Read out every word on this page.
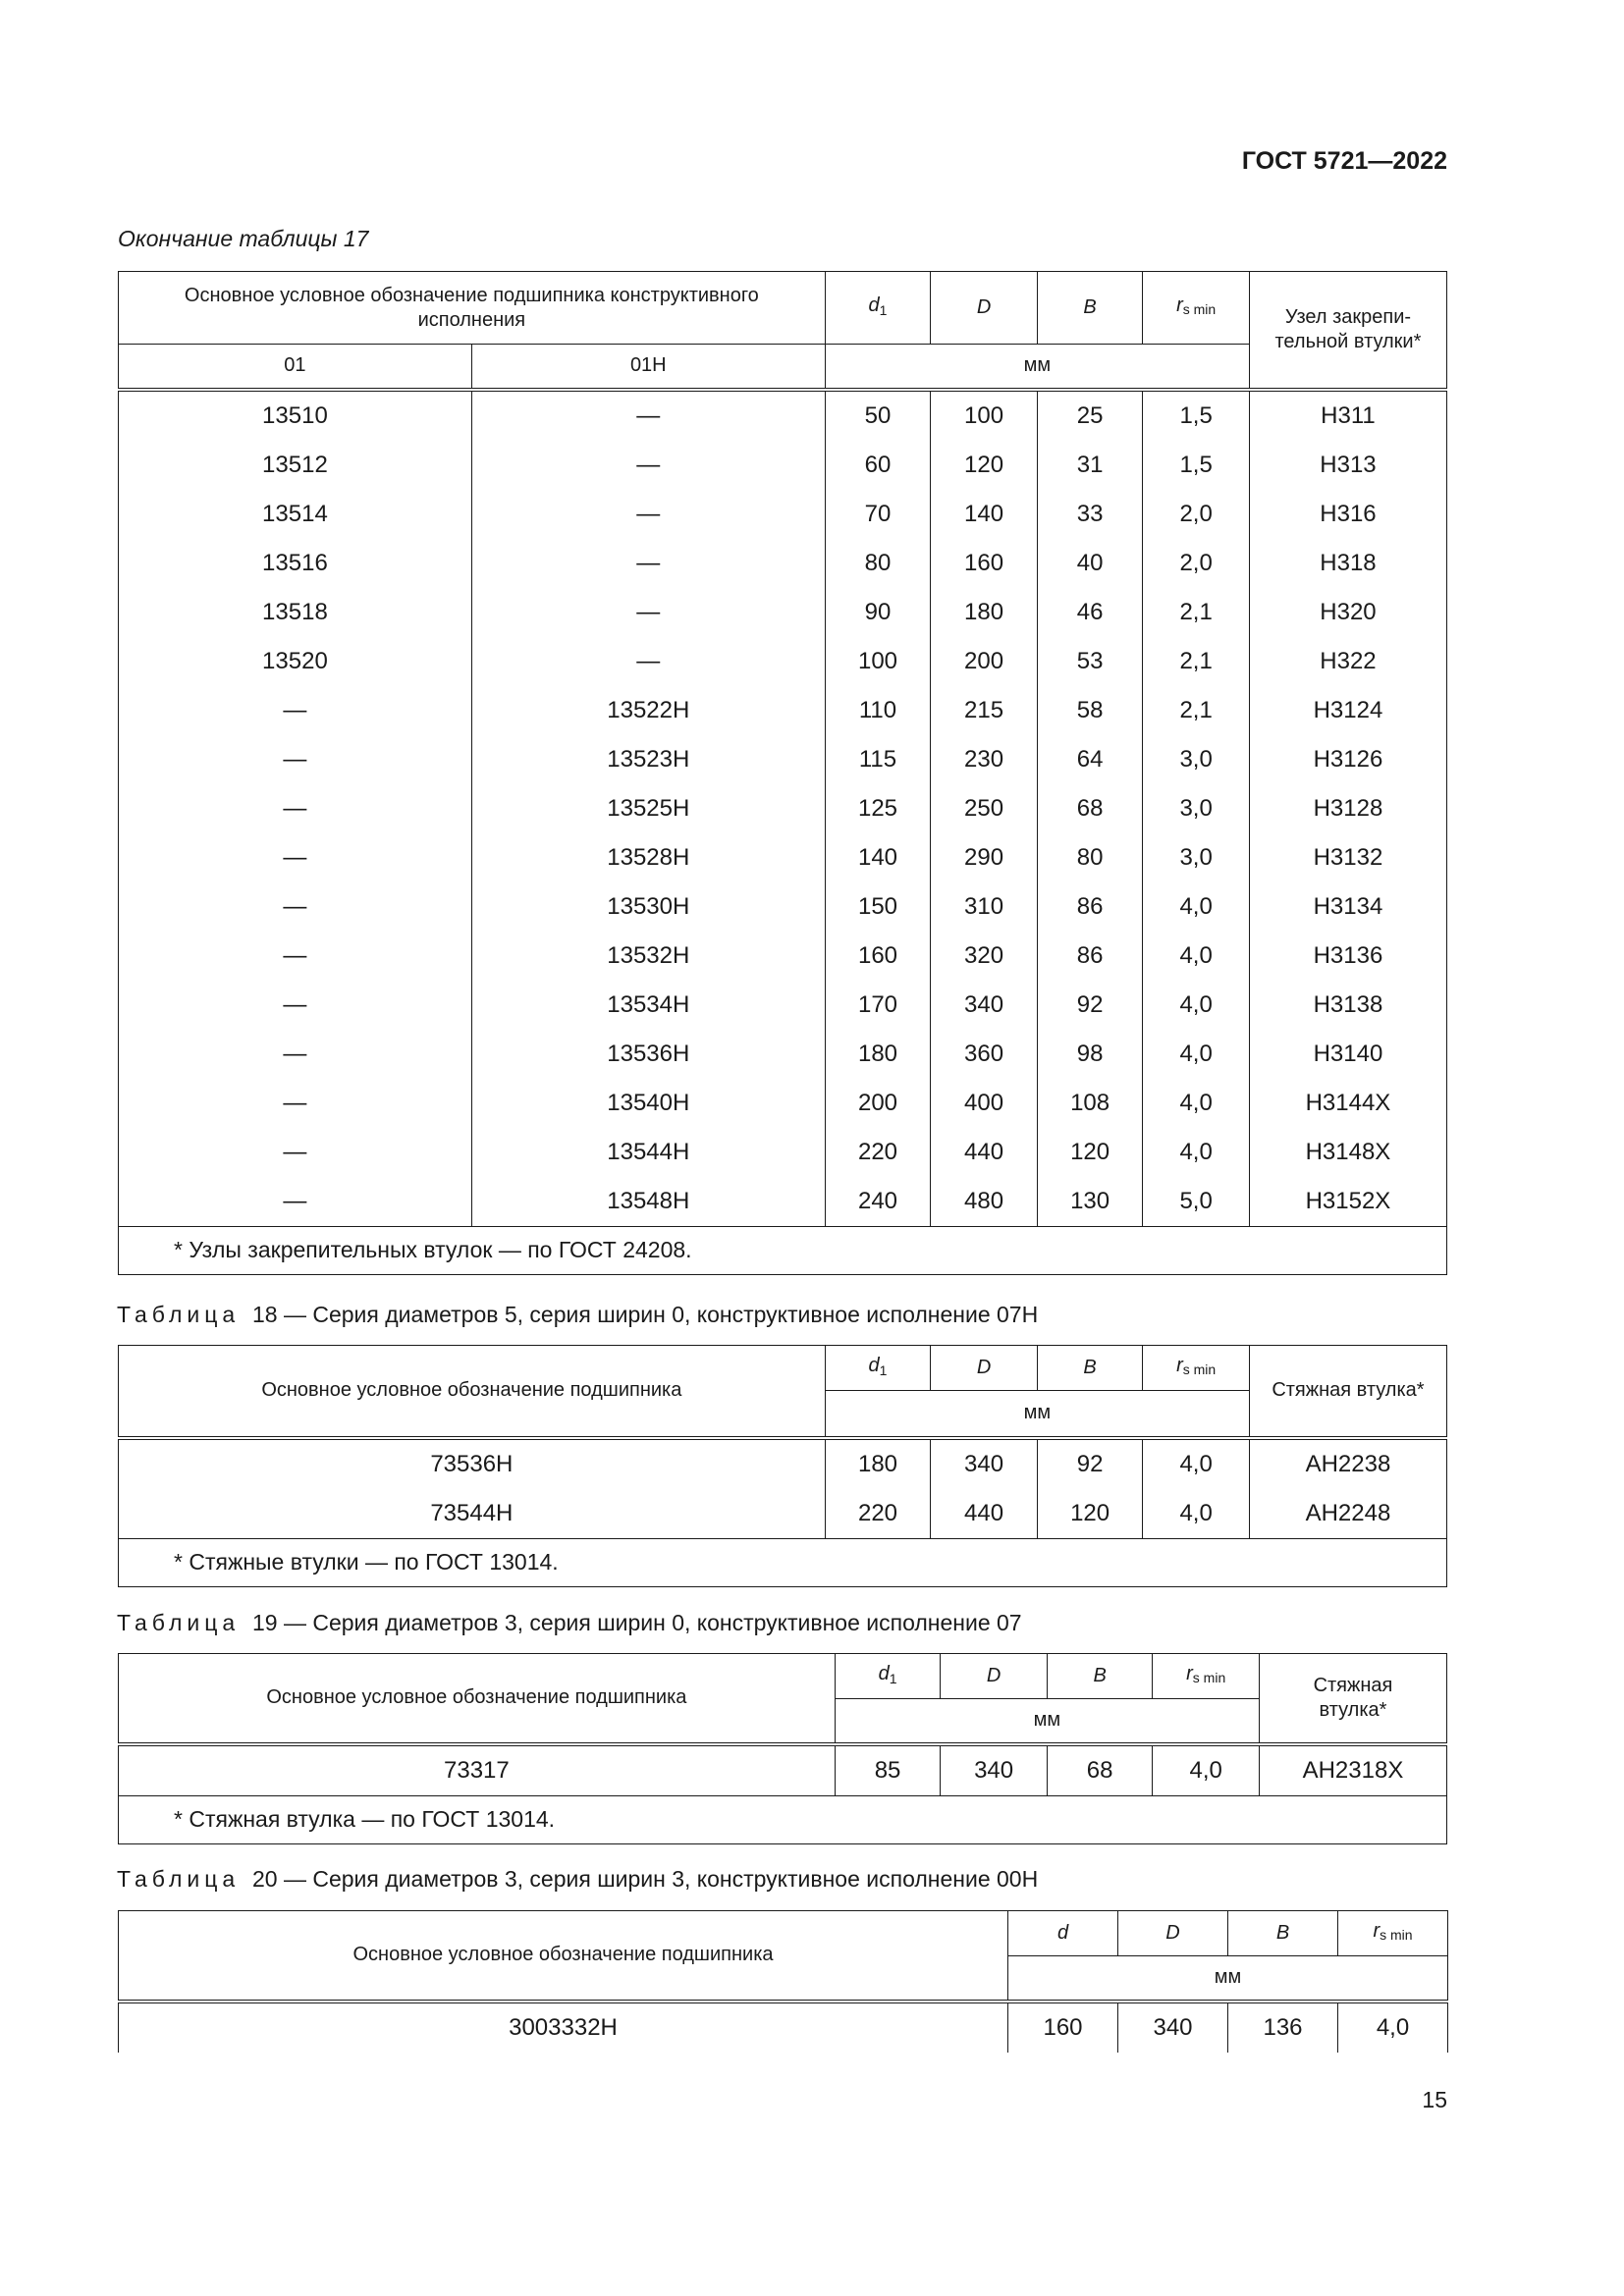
ГОСТ 5721—2022
Окончание таблицы 17
Основное условное обозначение подшипника конструктивного исполнения		$d_1$	D	B	rs min	Узел закрепи-тельной втулки*
01	01Н	мм				
13510	—	50	100	25	1,5	Н311
13512	—	60	120	31	1,5	Н313
13514	—	70	140	33	2,0	Н316
13516	—	80	160	40	2,0	Н318
13518	—	90	180	46	2,1	Н320
13520	—	100	200	53	2,1	Н322
—	13522Н	110	215	58	2,1	Н3124
—	13523Н	115	230	64	3,0	Н3126
—	13525Н	125	250	68	3,0	Н3128
—	13528Н	140	290	80	3,0	Н3132
—	13530Н	150	310	86	4,0	Н3134
—	13532Н	160	320	86	4,0	Н3136
—	13534Н	170	340	92	4,0	Н3138
—	13536Н	180	360	98	4,0	Н3140
—	13540Н	200	400	108	4,0	Н3144Х
—	13544Н	220	440	120	4,0	Н3148Х
—	13548Н	240	480	130	5,0	Н3152Х
* Узлы закрепительных втулок — по ГОСТ 24208.						
Таблица 18 — Серия диаметров 5, серия ширин 0, конструктивное исполнение 07Н
Основное условное обозначение подшипника	$d_1$	D	B	rs min	Стяжная втулка*
	мм				
73536Н	180	340	92	4,0	АН2238
73544Н	220	440	120	4,0	АН2248
* Стяжные втулки — по ГОСТ 13014.					
Таблица 19 — Серия диаметров 3, серия ширин 0, конструктивное исполнение 07
Основное условное обозначение подшипника	$d_1$	D	B	rs min	Стяжная втулка*
	мм				
73317	85	340	68	4,0	АН2318Х
* Стяжная втулка — по ГОСТ 13014.					
Таблица 20 — Серия диаметров 3, серия ширин 3, конструктивное исполнение 00Н
Основное условное обозначение подшипника	d	D	B	rs min
	мм			
3003332Н	160	340	136	4,0
15
